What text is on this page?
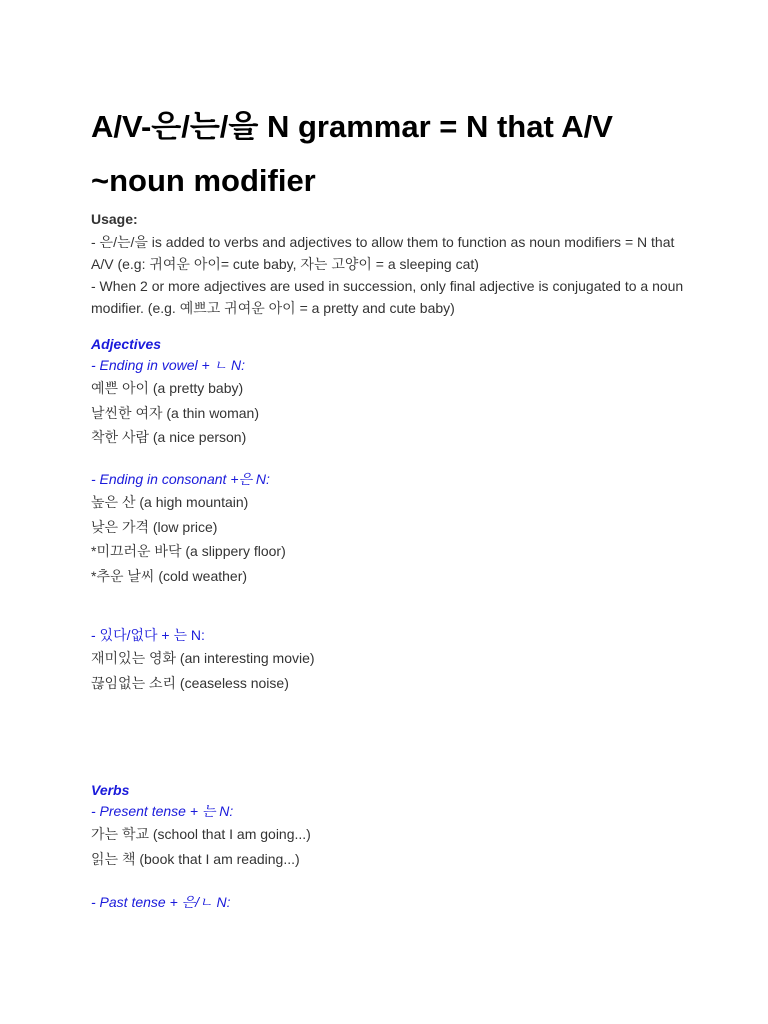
A/V-은/는/을 N grammar = N that A/V ~noun modifier
Usage:

- 은/는/을 is added to verbs and adjectives to allow them to function as noun modifiers = N that A/V (e.g: 귀여운 아이= cute baby, 자는 고양이 = a sleeping cat)

- When 2 or more adjectives are used in succession, only final adjective is conjugated to a noun modifier. (e.g. 예쁘고 귀여운 아이 = a pretty and cute baby)

Adjectives
- Ending in vowel + ㄴ N:
예쁜 아이 (a pretty baby)
날씬한 여자 (a thin woman)
착한 사람 (a nice person)
- Ending in consonant +은 N:
높은 산 (a high mountain)
낮은 가격 (low price)
*미끄러운 바닥 (a slippery floor)
*추운 날씨 (cold weather)
- 있다/없다 + 는 N:
재미있는 영화 (an interesting movie)
끊임없는 소리 (ceaseless noise)
Verbs
- Present tense + 는 N:
가는 학교 (school that I am going...)
읽는 책 (book that I am reading...)
- Past tense + 은/ㄴ N:
